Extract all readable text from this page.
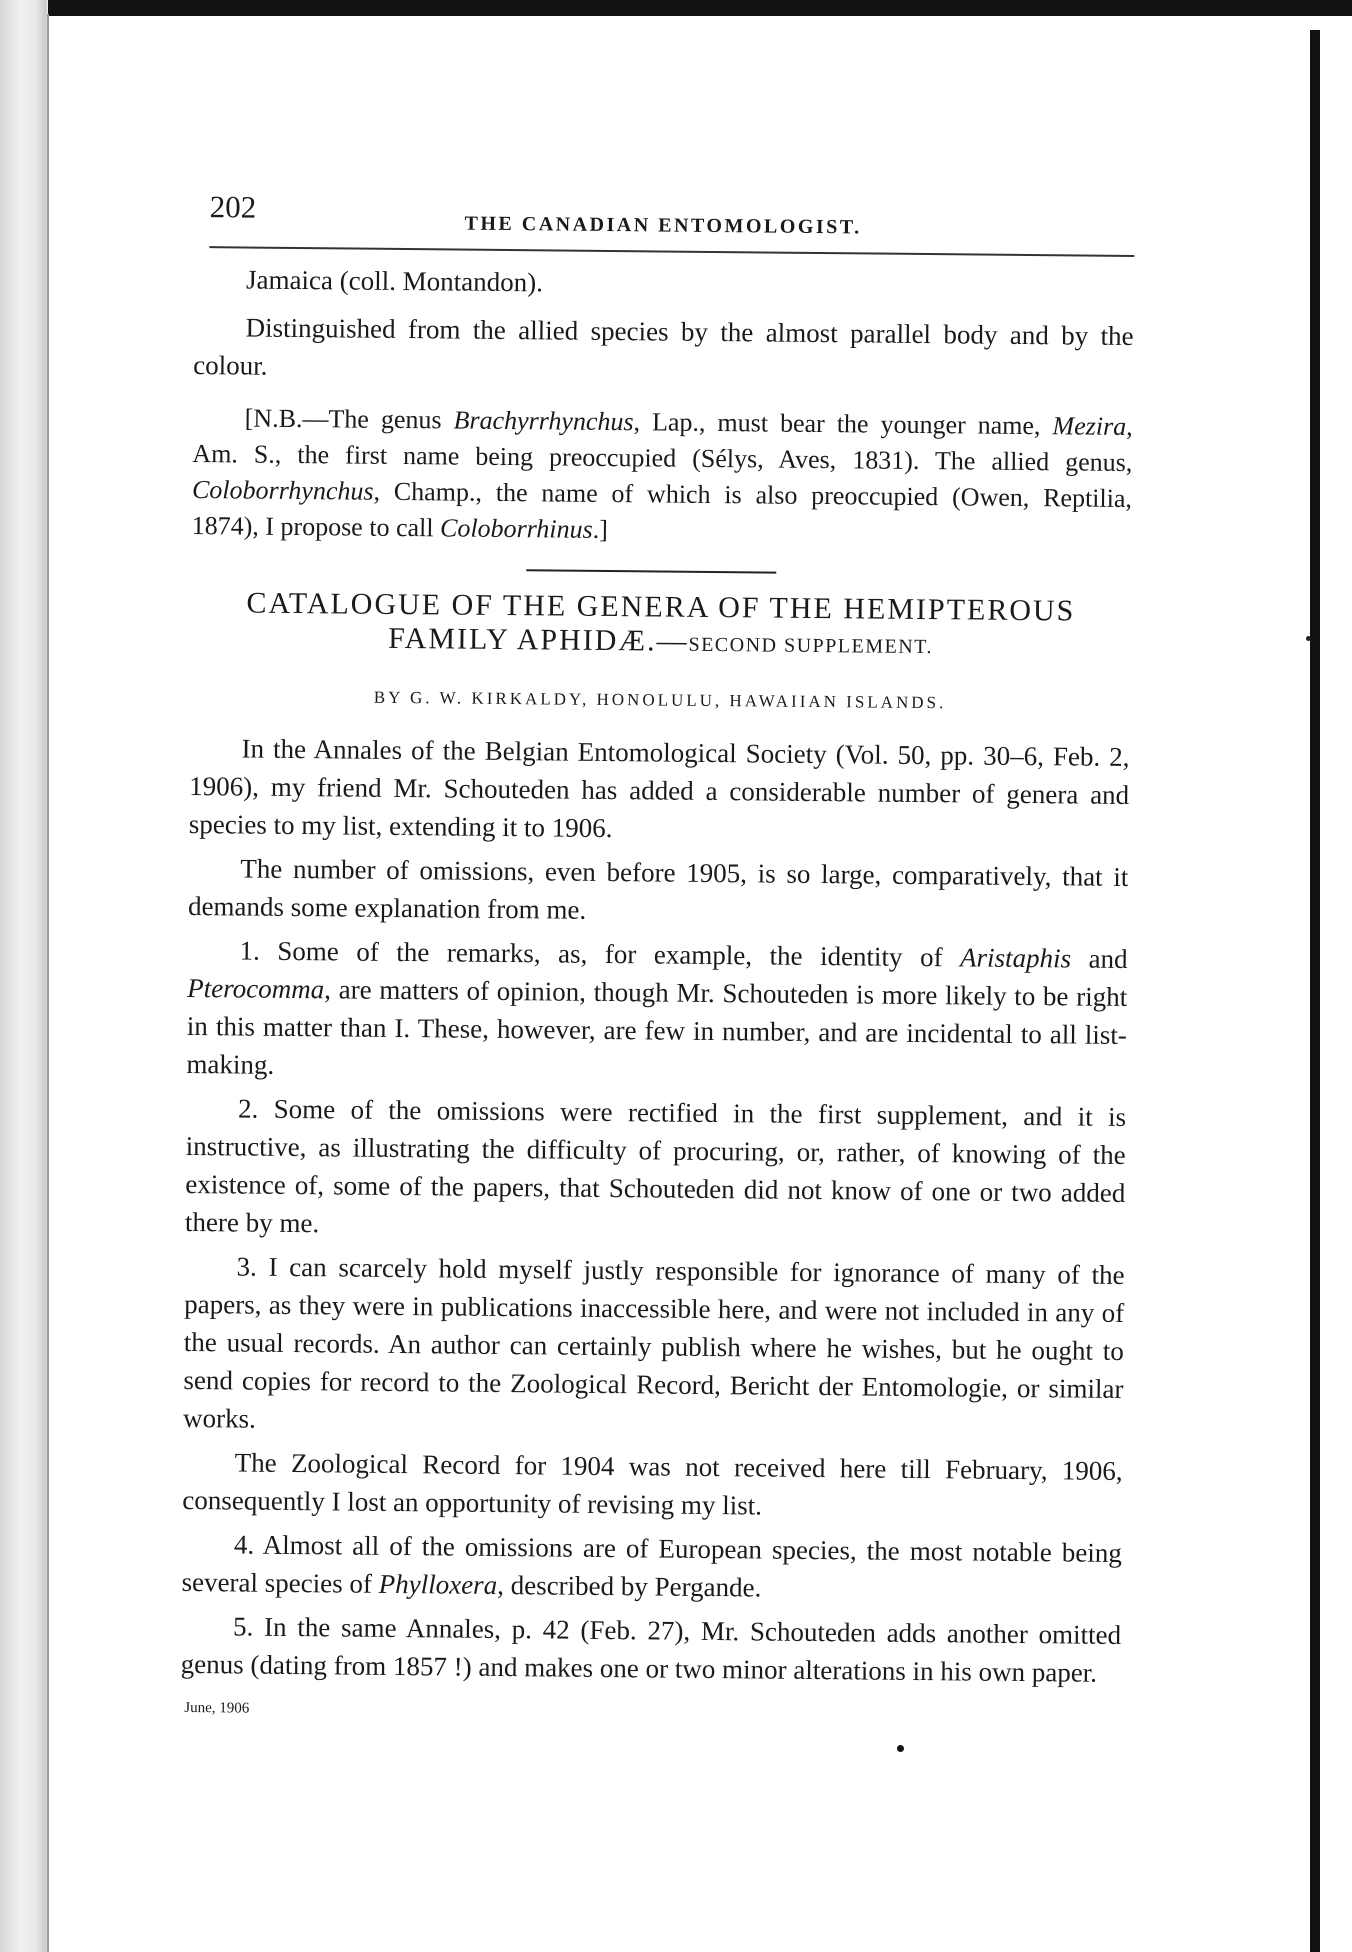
202
THE CANADIAN ENTOMOLOGIST.

Jamaica (coll. Montandon).

Distinguished from the allied species by the almost parallel body and by the colour.

[N.B.—The genus Brachyrrhynchus, Lap., must bear the younger name, Mezira, Am. S., the first name being preoccupied (Sélys, Aves, 1831). The allied genus, Coloborrhynchus, Champ., the name of which is also preoccupied (Owen, Reptilia, 1874), I propose to call Coloborrhinus.]

CATALOGUE OF THE GENERA OF THE HEMIPTEROUS
FAMILY APHIDÆ.—SECOND SUPPLEMENT.
BY G. W. KIRKALDY, HONOLULU, HAWAIIAN ISLANDS.

In the Annales of the Belgian Entomological Society (Vol. 50, pp. 30–6, Feb. 2, 1906), my friend Mr. Schouteden has added a considerable number of genera and species to my list, extending it to 1906.

The number of omissions, even before 1905, is so large, comparatively, that it demands some explanation from me.

1. Some of the remarks, as, for example, the identity of Aristaphis and Pterocomma, are matters of opinion, though Mr. Schouteden is more likely to be right in this matter than I. These, however, are few in number, and are incidental to all list-making.

2. Some of the omissions were rectified in the first supplement, and it is instructive, as illustrating the difficulty of procuring, or, rather, of knowing of the existence of, some of the papers, that Schouteden did not know of one or two added there by me.

3. I can scarcely hold myself justly responsible for ignorance of many of the papers, as they were in publications inaccessible here, and were not included in any of the usual records. An author can certainly publish where he wishes, but he ought to send copies for record to the Zoological Record, Bericht der Entomologie, or similar works.

The Zoological Record for 1904 was not received here till February, 1906, consequently I lost an opportunity of revising my list.

4. Almost all of the omissions are of European species, the most notable being several species of Phylloxera, described by Pergande.

5. In the same Annales, p. 42 (Feb. 27), Mr. Schouteden adds another omitted genus (dating from 1857 !) and makes one or two minor alterations in his own paper.

June, 1906
